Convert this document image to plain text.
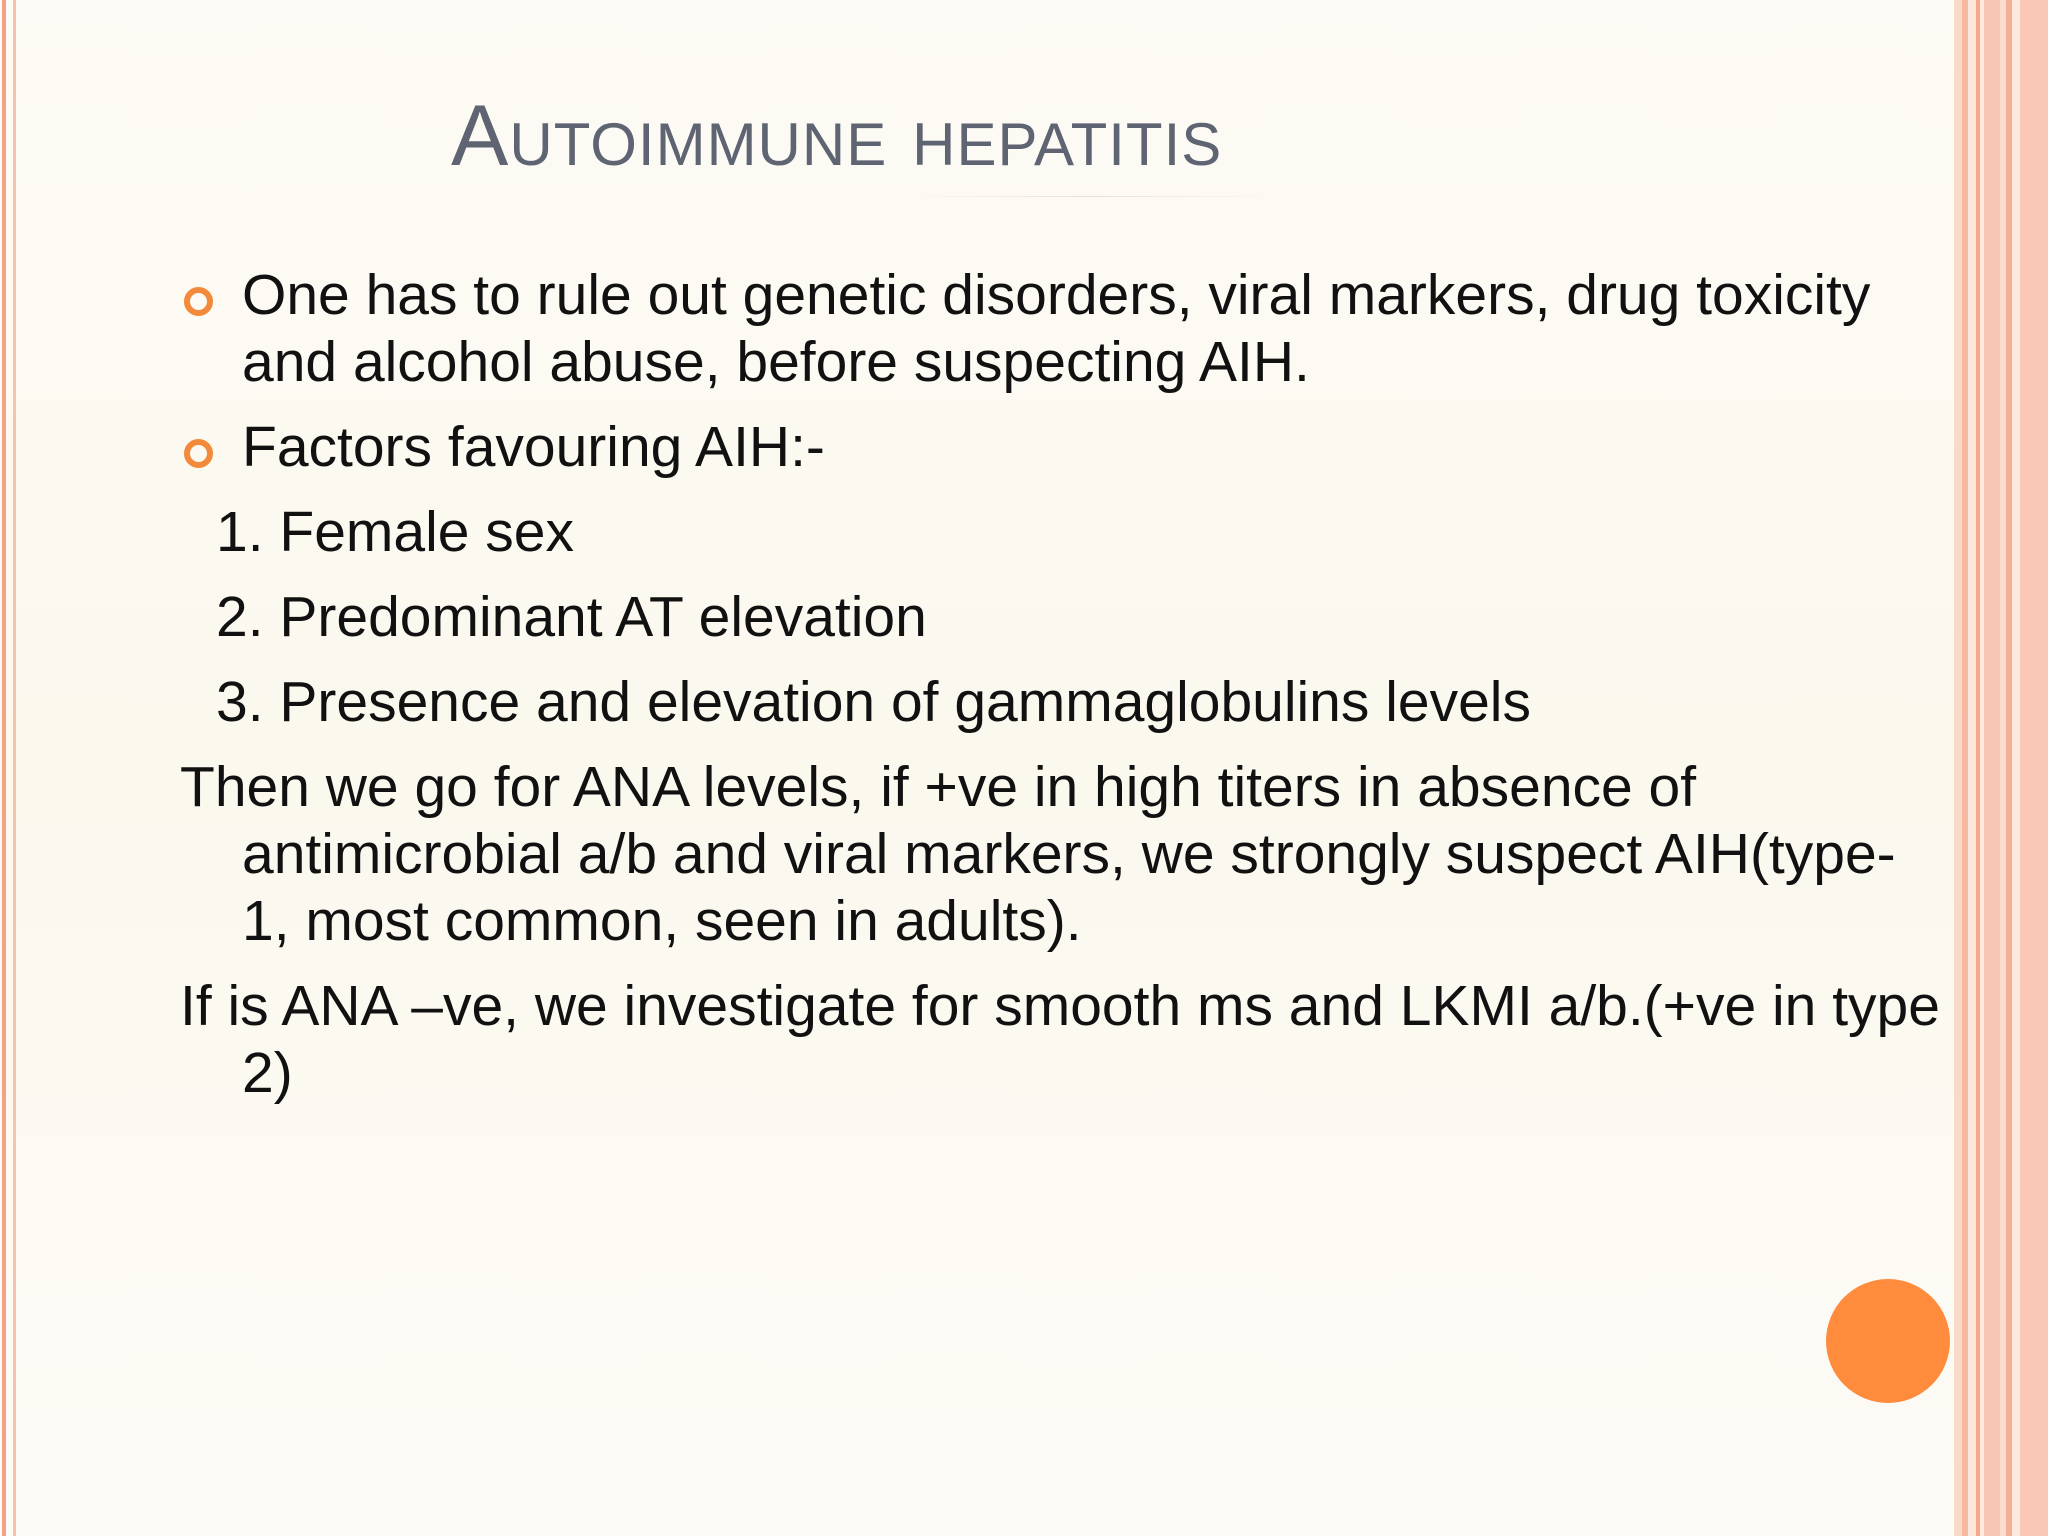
Autoimmune hepatitis
One has to rule out genetic disorders, viral markers, drug toxicity and alcohol abuse, before suspecting AIH.
Factors favouring AIH:-
1. Female sex
2. Predominant AT elevation
3. Presence and elevation of gammaglobulins levels
Then we go for ANA levels, if +ve in high titers in absence of antimicrobial a/b and viral markers, we strongly suspect AIH(type-1, most common, seen in adults).
If is ANA –ve, we investigate for smooth ms and LKMI a/b.(+ve in type 2)
